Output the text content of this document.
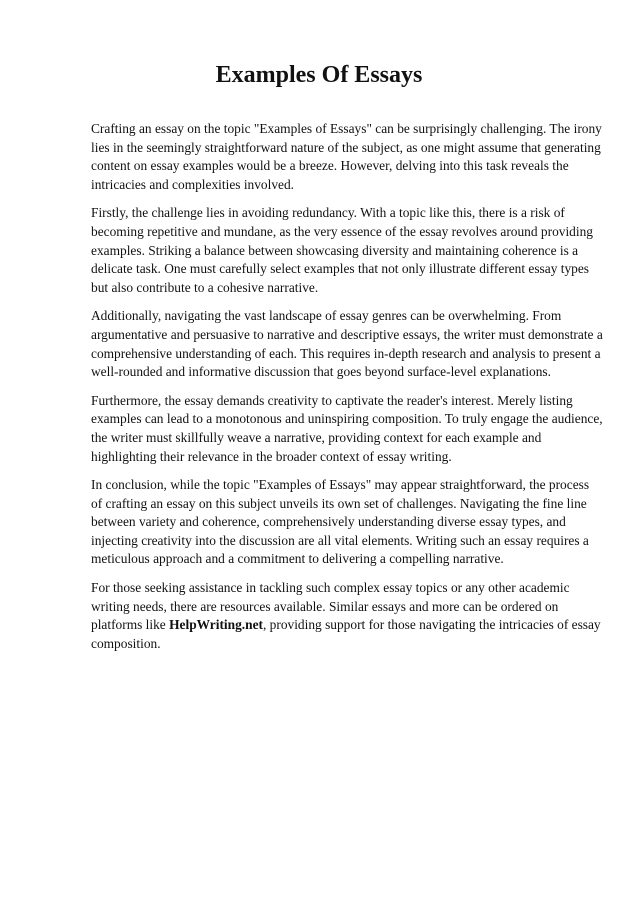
Examples Of Essays

Crafting an essay on the topic "Examples of Essays" can be surprisingly challenging. The irony lies in the seemingly straightforward nature of the subject, as one might assume that generating content on essay examples would be a breeze. However, delving into this task reveals the intricacies and complexities involved.

Firstly, the challenge lies in avoiding redundancy. With a topic like this, there is a risk of becoming repetitive and mundane, as the very essence of the essay revolves around providing examples. Striking a balance between showcasing diversity and maintaining coherence is a delicate task. One must carefully select examples that not only illustrate different essay types but also contribute to a cohesive narrative.

Additionally, navigating the vast landscape of essay genres can be overwhelming. From argumentative and persuasive to narrative and descriptive essays, the writer must demonstrate a comprehensive understanding of each. This requires in-depth research and analysis to present a well-rounded and informative discussion that goes beyond surface-level explanations.

Furthermore, the essay demands creativity to captivate the reader's interest. Merely listing examples can lead to a monotonous and uninspiring composition. To truly engage the audience, the writer must skillfully weave a narrative, providing context for each example and highlighting their relevance in the broader context of essay writing.

In conclusion, while the topic "Examples of Essays" may appear straightforward, the process of crafting an essay on this subject unveils its own set of challenges. Navigating the fine line between variety and coherence, comprehensively understanding diverse essay types, and injecting creativity into the discussion are all vital elements. Writing such an essay requires a meticulous approach and a commitment to delivering a compelling narrative.

For those seeking assistance in tackling such complex essay topics or any other academic writing needs, there are resources available. Similar essays and more can be ordered on platforms like HelpWriting.net, providing support for those navigating the intricacies of essay composition.
